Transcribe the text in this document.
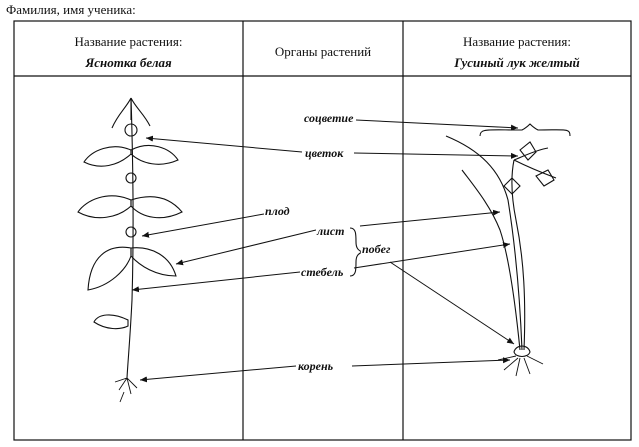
Фамилия, имя ученика:
Название растения:
Яснотка белая
Органы растений
Название растения:
Гусиный лук желтый
соцветие
цветок
плод
лист
побег
стебель
корень
